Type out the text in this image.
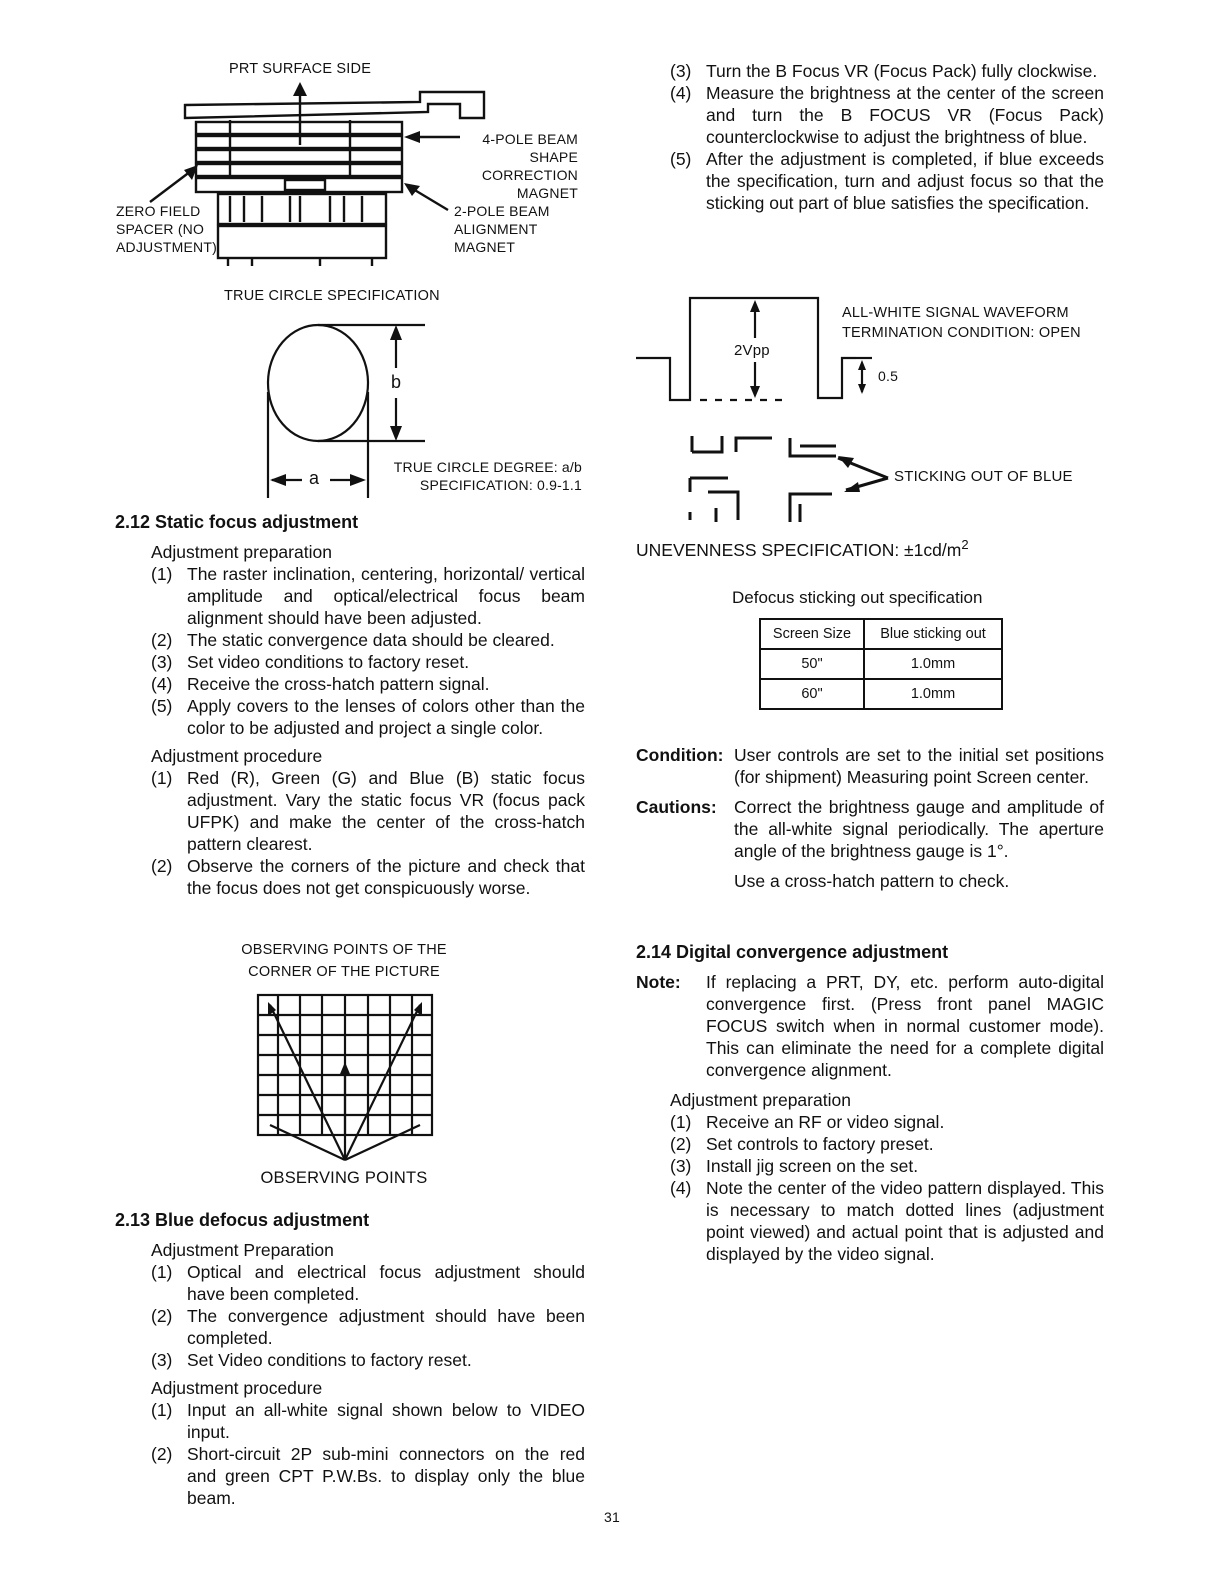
PRT SURFACE SIDE
4-POLE BEAM
SHAPE CORRECTION
MAGNET
2-POLE BEAM
ALIGNMENT
MAGNET
ZERO FIELD
SPACER (NO
ADJUSTMENT)
TRUE CIRCLE SPECIFICATION
b
a
TRUE CIRCLE DEGREE: a/b
SPECIFICATION: 0.9-1.1
2.12 Static focus adjustment
Adjustment preparation
(1) The raster inclination, centering, horizontal/ vertical amplitude and optical/electrical focus beam alignment should have been adjusted.
(2) The static convergence data should be cleared.
(3) Set video conditions to factory reset.
(4) Receive the cross-hatch pattern signal.
(5) Apply covers to the lenses of colors other than the color to be adjusted and project a single color.
Adjustment procedure
(1) Red (R), Green (G) and Blue (B) static focus adjustment. Vary the static focus VR (focus pack UFPK) and make the center of the cross-hatch pattern clearest.
(2) Observe the corners of the picture and check that the focus does not get conspicuously worse.
OBSERVING POINTS OF THE
CORNER OF THE PICTURE
OBSERVING POINTS
2.13 Blue defocus adjustment
Adjustment Preparation
(1) Optical and electrical focus adjustment should have been completed.
(2) The convergence adjustment should have been completed.
(3) Set Video conditions to factory reset.
Adjustment procedure
(1) Input an all-white signal shown below to VIDEO input.
(2) Short-circuit 2P sub-mini connectors on the red and green CPT P.W.Bs. to display only the blue beam.
31
(3) Turn the B Focus VR (Focus Pack) fully clockwise.
(4) Measure the brightness at the center of the screen and turn the B FOCUS VR (Focus Pack) counterclockwise to adjust the brightness of blue.
(5) After the adjustment is completed, if blue exceeds the specification, turn and adjust focus so that the sticking out part of blue satisfies the specification.
ALL-WHITE SIGNAL WAVEFORM
TERMINATION CONDITION: OPEN
2Vpp
0.5
STICKING OUT OF BLUE
UNEVENNESS SPECIFICATION: $\pm 1cd/m^2$
Defocus sticking out specification
Screen Size	Blue sticking out
50"	1.0mm
60"	1.0mm
Condition: User controls are set to the initial set positions (for shipment) Measuring point Screen center.
Cautions: Correct the brightness gauge and amplitude of the all-white signal periodically. The aperture angle of the brightness gauge is 1°.
Use a cross-hatch pattern to check.
2.14 Digital convergence adjustment
Note:	If replacing a PRT, DY, etc. perform auto-digital convergence first. (Press front panel MAGIC FOCUS switch when in normal customer mode). This can eliminate the need for a complete digital convergence alignment.
Adjustment preparation
(1) Receive an RF or video signal.
(2) Set controls to factory preset.
(3) Install jig screen on the set.
(4) Note the center of the video pattern displayed. This is necessary to match dotted lines (adjustment point viewed) and actual point that is adjusted and displayed by the video signal.
